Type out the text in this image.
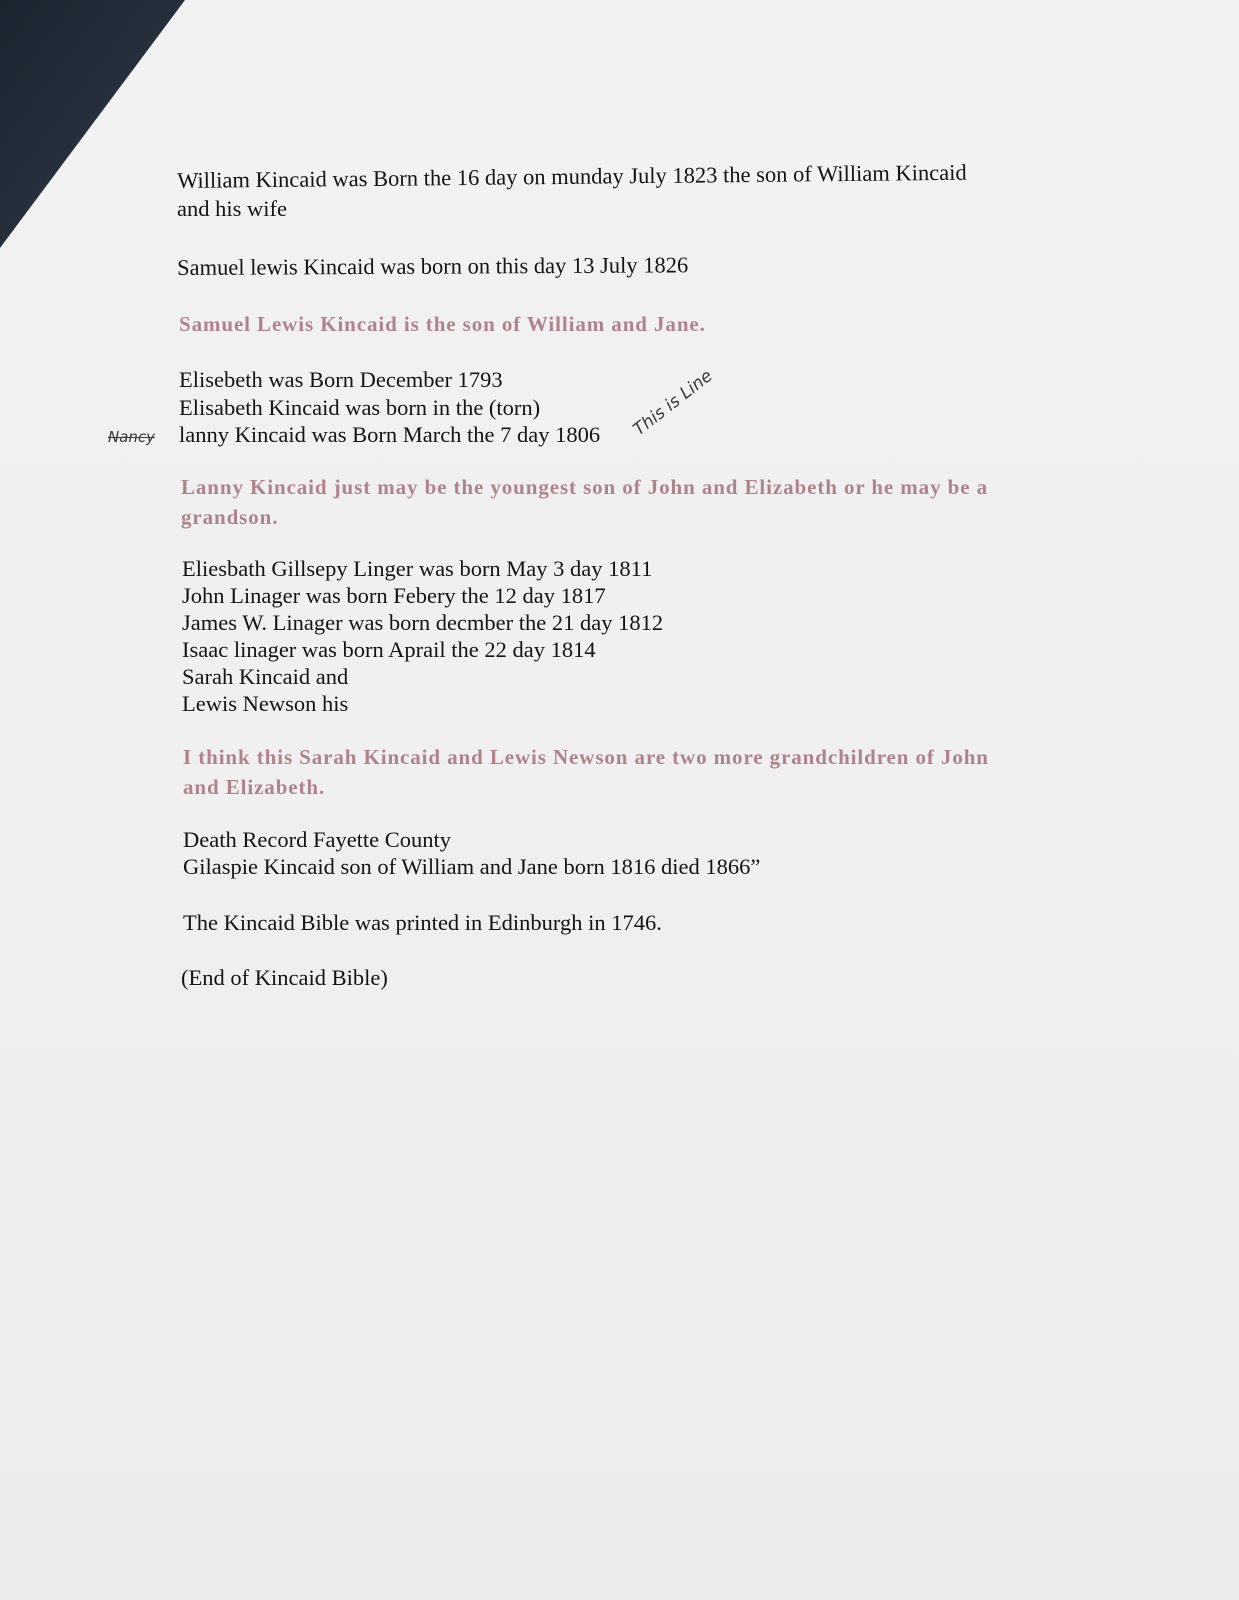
William Kincaid was Born the 16 day on munday July 1823 the son of William Kincaid
and his wife
Samuel lewis Kincaid was born on this day 13 July 1826
Samuel Lewis Kincaid is the son of William and Jane.
Elisebeth was Born December 1793
Elisabeth Kincaid was born in the (torn)
lanny Kincaid was Born March the 7 day 1806
Nancy	This is Line
Lanny Kincaid just may be the youngest son of John and Elizabeth or he may be a
grandson.
Eliesbath Gillsepy Linger was born May 3 day 1811
John Linager was born Febery the 12 day 1817
James W. Linager was born decmber the 21 day 1812
Isaac linager was born Aprail the 22 day 1814
Sarah Kincaid and
Lewis Newson his
I think this Sarah Kincaid and Lewis Newson are two more grandchildren of John
and Elizabeth.
Death Record Fayette County
Gilaspie Kincaid son of William and Jane born 1816 died 1866”
The Kincaid Bible was printed in Edinburgh in 1746.
(End of Kincaid Bible)
